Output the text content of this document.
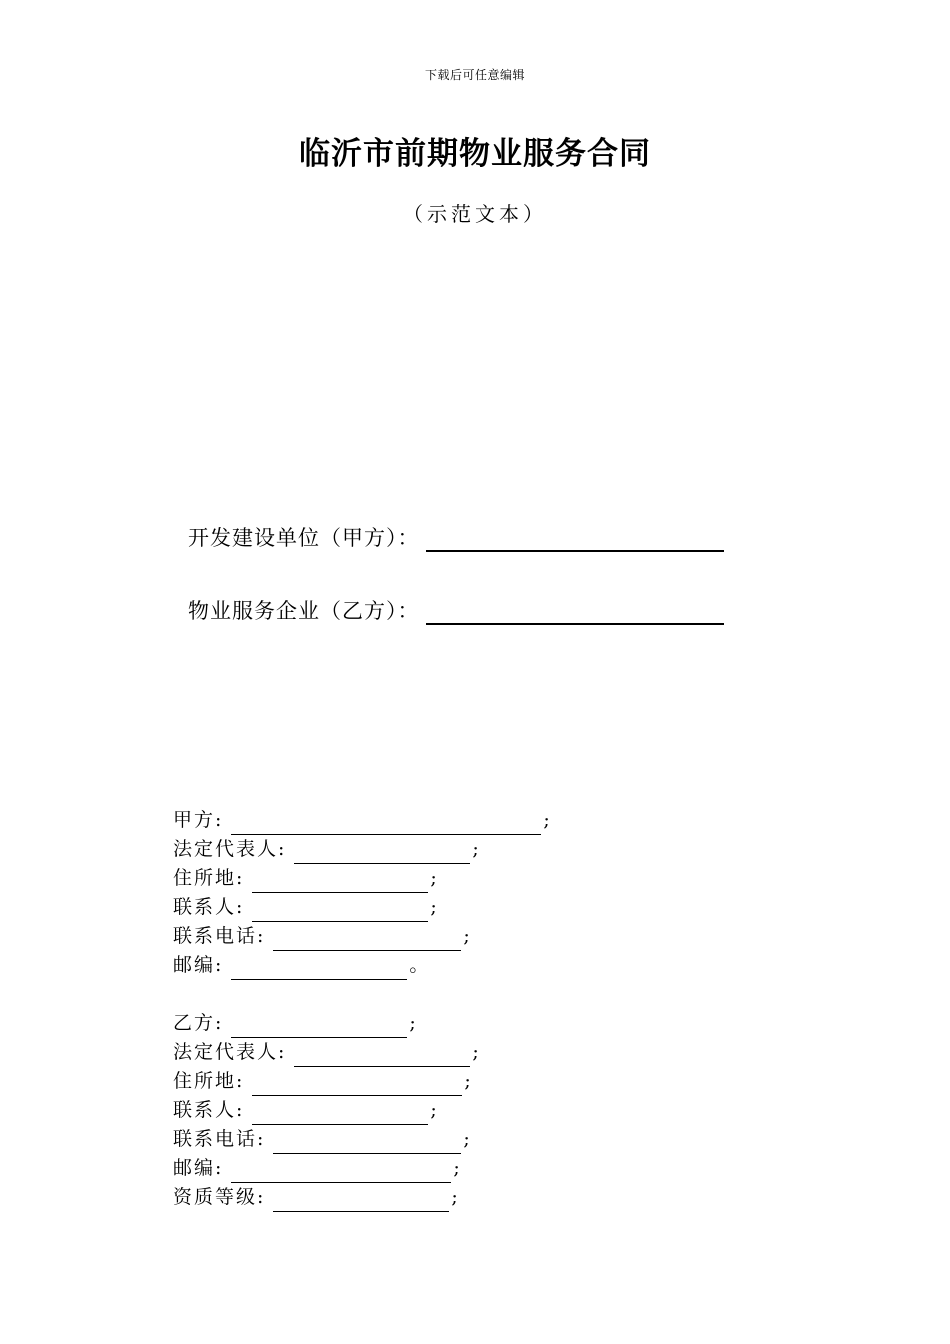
下载后可任意编辑
临沂市前期物业服务合同
（示范文本）
开发建设单位（甲方）：
物业服务企业（乙方）：
甲方:	;
法定代表人:	;
住所地:	;
联系人:	;
联系电话:	;
邮编:	。
乙方:	;
法定代表人:	;
住所地:	;
联系人:	;
联系电话:	;
邮编:	;
资质等级:	;
